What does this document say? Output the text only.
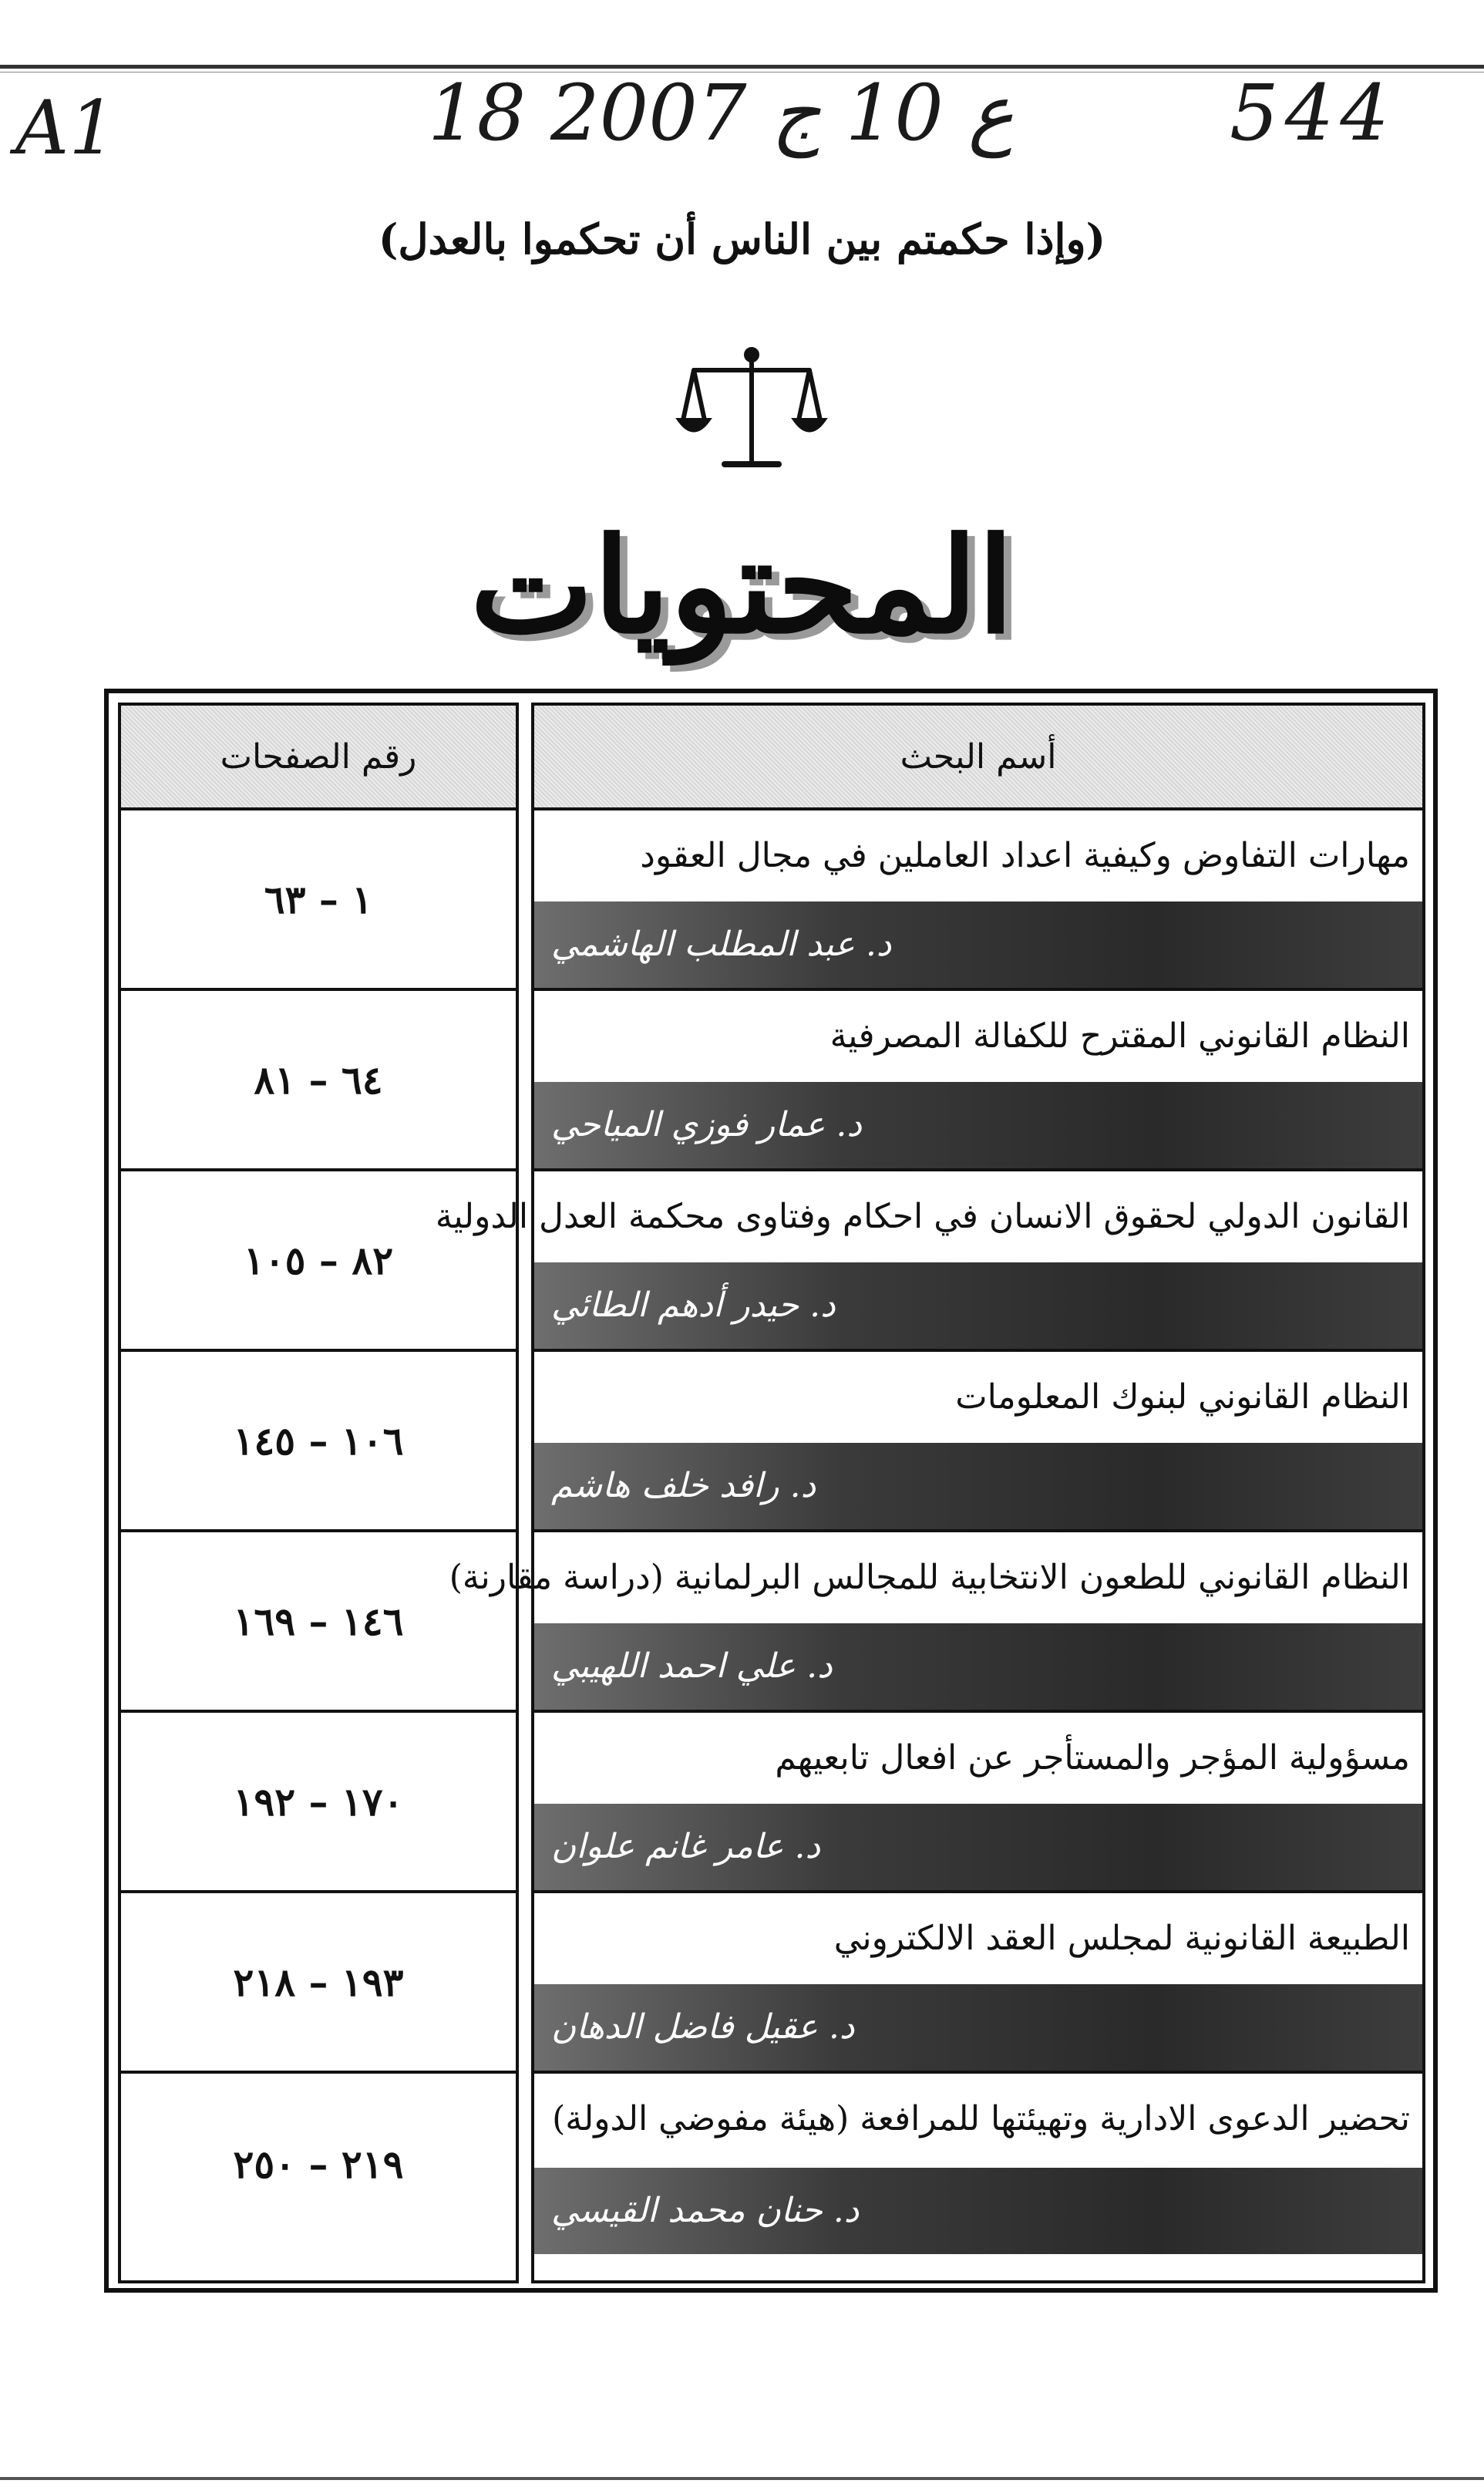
A1	18 ع 10 ج 2007	544
(وإذا حكمتم بين الناس أن تحكموا بالعدل)
المحتويات
رقم الصفحات
١ – ٦٣
٦٤ – ٨١
٨٢ – ١٠٥
١٠٦ – ١٤٥
١٤٦ – ١٦٩
١٧٠ – ١٩٢
١٩٣ – ٢١٨
٢١٩ – ٢٥٠
أسم البحث
مهارات التفاوض وكيفية اعداد العاملين في مجال العقود
د. عبد المطلب الهاشمي
النظام القانوني المقترح للكفالة المصرفية
د. عمار فوزي المياحي
القانون الدولي لحقوق الانسان في احكام وفتاوى محكمة العدل الدولية
د. حيدر أدهم الطائي
النظام القانوني لبنوك المعلومات
د. رافد خلف هاشم
النظام القانوني للطعون الانتخابية للمجالس البرلمانية (دراسة مقارنة)
د. علي احمد اللهيبي
مسؤولية المؤجر والمستأجر عن افعال تابعيهم
د. عامر غانم علوان
الطبيعة القانونية لمجلس العقد الالكتروني
د. عقيل فاضل الدهان
تحضير الدعوى الادارية وتهيئتها للمرافعة (هيئة مفوضي الدولة)
د. حنان محمد القيسي
